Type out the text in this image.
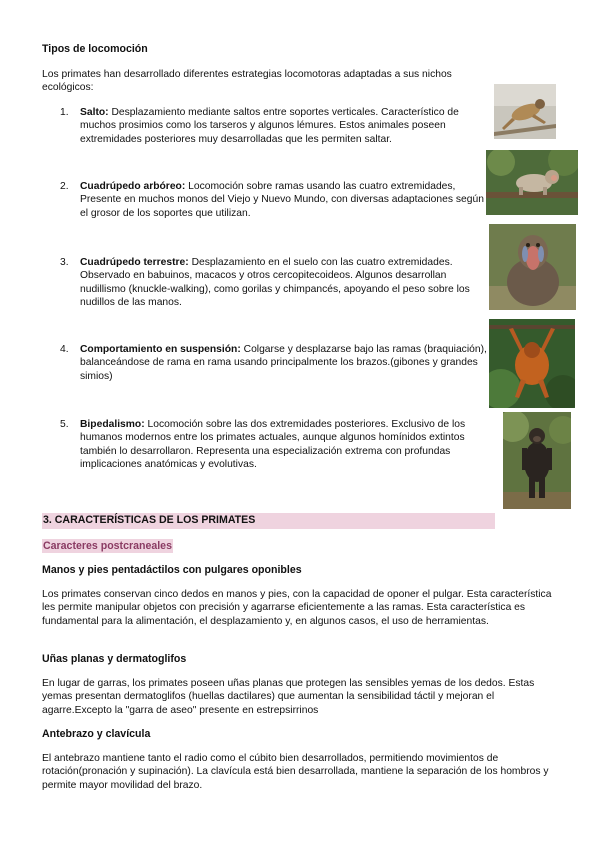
Tipos de locomoción

Los primates han desarrollado diferentes estrategias locomotoras adaptadas a sus nichos ecológicos:

1. Salto: Desplazamiento mediante saltos entre soportes verticales. Característico de muchos prosimios como los tarseros y algunos lémures. Estos animales poseen extremidades posteriores muy desarrolladas que les permiten saltar.

2. Cuadrúpedo arbóreo: Locomoción sobre ramas usando las cuatro extremidades, Presente en muchos monos del Viejo y Nuevo Mundo, con diversas adaptaciones según el grosor de los soportes que utilizan.

3. Cuadrúpedo terrestre: Desplazamiento en el suelo con las cuatro extremidades. Observado en babuinos, macacos y otros cercopitecoideos. Algunos desarrollan nudillismo (knuckle-walking), como gorilas y chimpancés, apoyando el peso sobre los nudillos de las manos.

4. Comportamiento en suspensión: Colgarse y desplazarse bajo las ramas (braquiación), balanceándose de rama en rama usando principalmente los brazos.(gibones y grandes simios)

5. Bipedalismo: Locomoción sobre las dos extremidades posteriores. Exclusivo de los humanos modernos entre los primates actuales, aunque algunos homínidos extintos también lo desarrollaron. Representa una especialización extrema con profundas implicaciones anatómicas y evolutivas.

3. CARACTERÍSTICAS DE LOS PRIMATES
Caracteres postcraneales
Manos y pies pentadáctilos con pulgares oponibles

Los primates conservan cinco dedos en manos y pies, con la capacidad de oponer el pulgar. Esta característica les permite manipular objetos con precisión y agarrarse eficientemente a las ramas. Esta característica es fundamental para la alimentación, el desplazamiento y, en algunos casos, el uso de herramientas.

Uñas planas y dermatoglifos

En lugar de garras, los primates poseen uñas planas que protegen las sensibles yemas de los dedos. Estas yemas presentan dermatoglifos (huellas dactilares) que aumentan la sensibilidad táctil y mejoran el agarre.Excepto la "garra de aseo" presente en estrepsirrinos

Antebrazo y clavícula

El antebrazo mantiene tanto el radio como el cúbito bien desarrollados, permitiendo movimientos de rotación(pronación y supinación). La clavícula está bien desarrollada, mantiene la separación de los hombros y permite mayor movilidad del brazo.
